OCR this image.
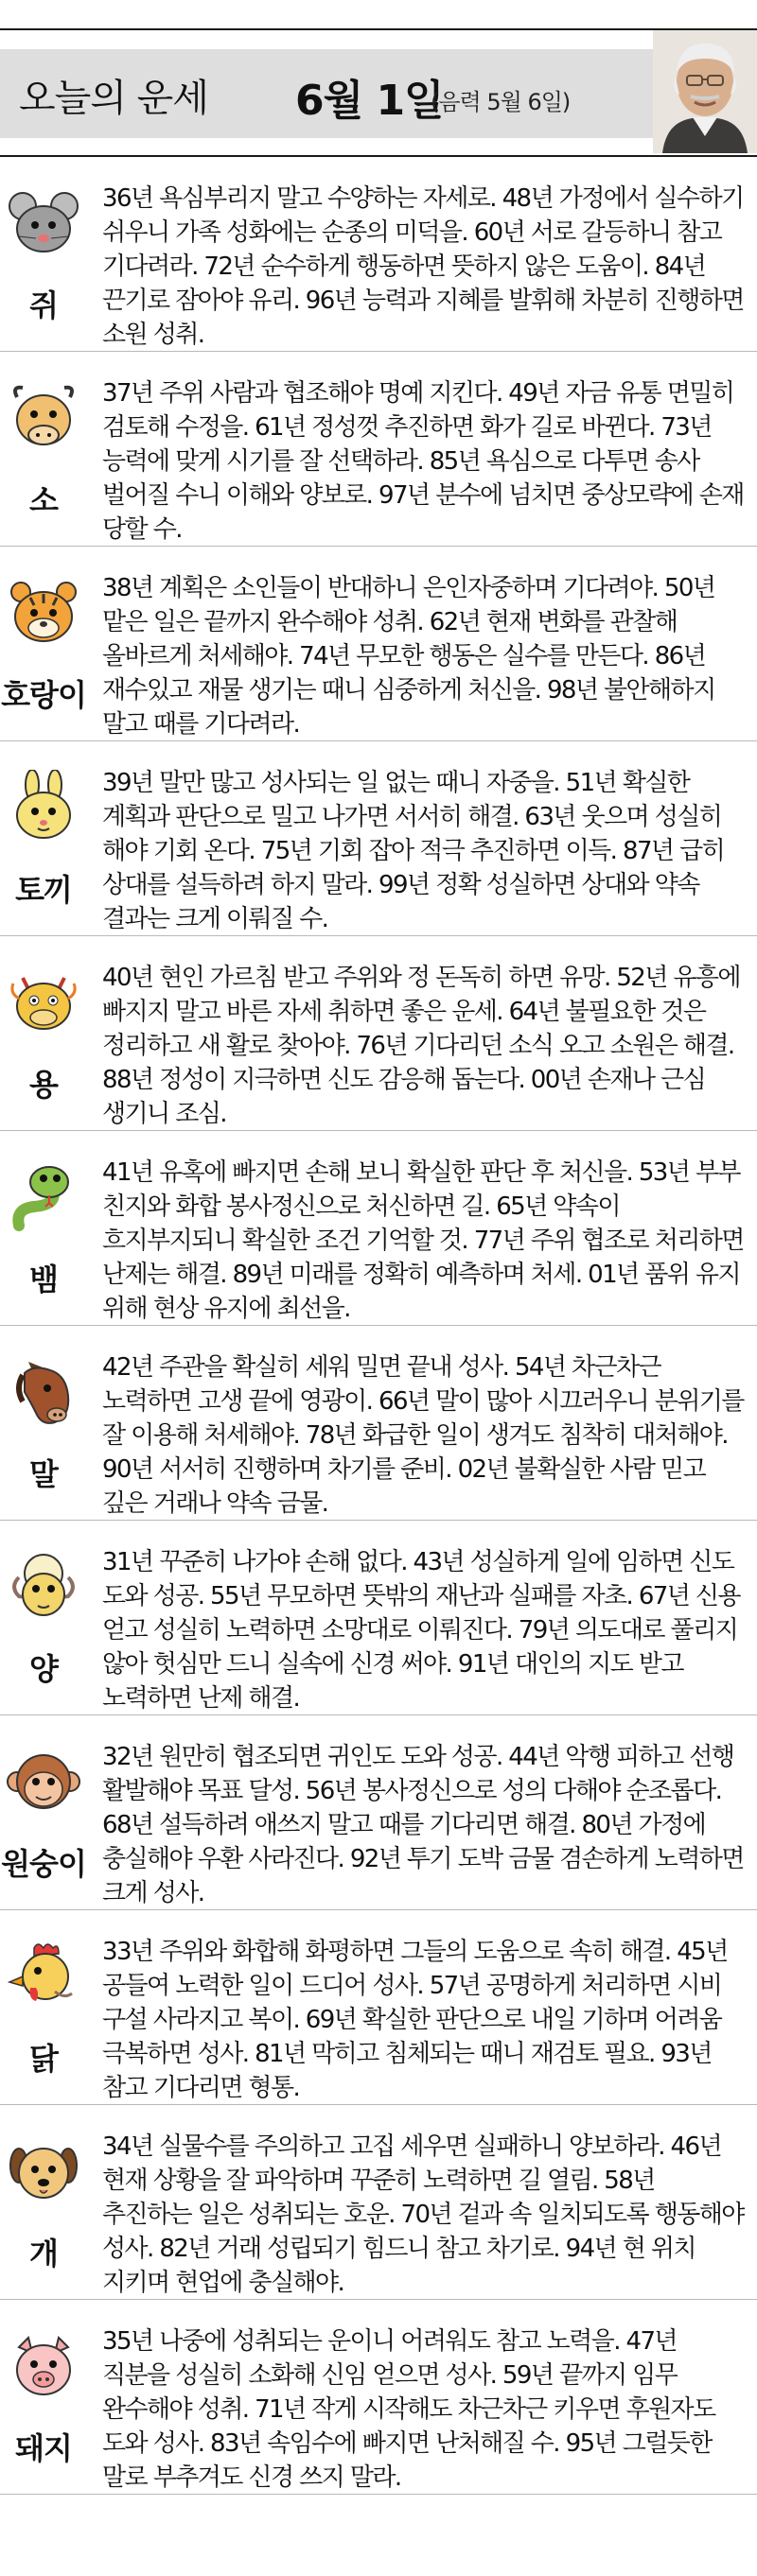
오늘의 운세 6월 1일
(음력 5월 6일)
쥐
36년 욕심부리지 말고 수양하는 자세로. 48년 가정에서 실수하기 쉬우니 가족 성화에는 순종의 미덕을. 60년 서로 갈등하니 참고 기다려라. 72년 순수하게 행동하면 뜻하지 않은 도움이. 84년 끈기로 잠아야 유리. 96년 능력과 지혜를 발휘해 차분히 진행하면 소원 성취.
소
37년 주위 사람과 협조해야 명예 지킨다. 49년 자금 유통 면밀히 검토해 수정을. 61년 정성껏 추진하면 화가 길로 바뀐다. 73년 능력에 맞게 시기를 잘 선택하라. 85년 욕심으로 다투면 송사 벌어질 수니 이해와 양보로. 97년 분수에 넘치면 중상모략에 손재 당할 수.
호랑이
38년 계획은 소인들이 반대하니 은인자중하며 기다려야. 50년 맡은 일은 끝까지 완수해야 성취. 62년 현재 변화를 관찰해 올바르게 처세해야. 74년 무모한 행동은 실수를 만든다. 86년 재수있고 재물 생기는 때니 심중하게 처신을. 98년 불안해하지 말고 때를 기다려라.
토끼
39년 말만 많고 성사되는 일 없는 때니 자중을. 51년 확실한 계획과 판단으로 밀고 나가면 서서히 해결. 63년 웃으며 성실히 해야 기회 온다. 75년 기회 잡아 적극 추진하면 이득. 87년 급히 상대를 설득하려 하지 말라. 99년 정확 성실하면 상대와 약속 결과는 크게 이뤄질 수.
용
40년 현인 가르침 받고 주위와 정 돈독히 하면 유망. 52년 유흥에 빠지지 말고 바른 자세 취하면 좋은 운세. 64년 불필요한 것은 정리하고 새 활로 찾아야. 76년 기다리던 소식 오고 소원은 해결. 88년 정성이 지극하면 신도 감응해 돕는다. 00년 손재나 근심 생기니 조심.
뱀
41년 유혹에 빠지면 손해 보니 확실한 판단 후 처신을. 53년 부부 친지와 화합 봉사정신으로 처신하면 길. 65년 약속이 흐지부지되니 확실한 조건 기억할 것. 77년 주위 협조로 처리하면 난제는 해결. 89년 미래를 정확히 예측하며 처세. 01년 품위 유지 위해 현상 유지에 최선을.
말
42년 주관을 확실히 세워 밀면 끝내 성사. 54년 차근차근 노력하면 고생 끝에 영광이. 66년 말이 많아 시끄러우니 분위기를 잘 이용해 처세해야. 78년 화급한 일이 생겨도 침착히 대처해야. 90년 서서히 진행하며 차기를 준비. 02년 불확실한 사람 믿고 깊은 거래나 약속 금물.
양
31년 꾸준히 나가야 손해 없다. 43년 성실하게 일에 임하면 신도 도와 성공. 55년 무모하면 뜻밖의 재난과 실패를 자초. 67년 신용 얻고 성실히 노력하면 소망대로 이뤄진다. 79년 의도대로 풀리지 않아 헛심만 드니 실속에 신경 써야. 91년 대인의 지도 받고 노력하면 난제 해결.
원숭이
32년 원만히 협조되면 귀인도 도와 성공. 44년 악행 피하고 선행 활발해야 목표 달성. 56년 봉사정신으로 성의 다해야 순조롭다. 68년 설득하려 애쓰지 말고 때를 기다리면 해결. 80년 가정에 충실해야 우환 사라진다. 92년 투기 도박 금물 겸손하게 노력하면 크게 성사.
닭
33년 주위와 화합해 화평하면 그들의 도움으로 속히 해결. 45년 공들여 노력한 일이 드디어 성사. 57년 공명하게 처리하면 시비 구설 사라지고 복이. 69년 확실한 판단으로 내일 기하며 어려움 극복하면 성사. 81년 막히고 침체되는 때니 재검토 필요. 93년 참고 기다리면 형통.
개
34년 실물수를 주의하고 고집 세우면 실패하니 양보하라. 46년 현재 상황을 잘 파악하며 꾸준히 노력하면 길 열림. 58년 추진하는 일은 성취되는 호운. 70년 겉과 속 일치되도록 행동해야 성사. 82년 거래 성립되기 힘드니 참고 차기로. 94년 현 위치 지키며 현업에 충실해야.
돼지
35년 나중에 성취되는 운이니 어려워도 참고 노력을. 47년 직분을 성실히 소화해 신임 얻으면 성사. 59년 끝까지 임무 완수해야 성취. 71년 작게 시작해도 차근차근 키우면 후원자도 도와 성사. 83년 속임수에 빠지면 난처해질 수. 95년 그럴듯한 말로 부추겨도 신경 쓰지 말라.
